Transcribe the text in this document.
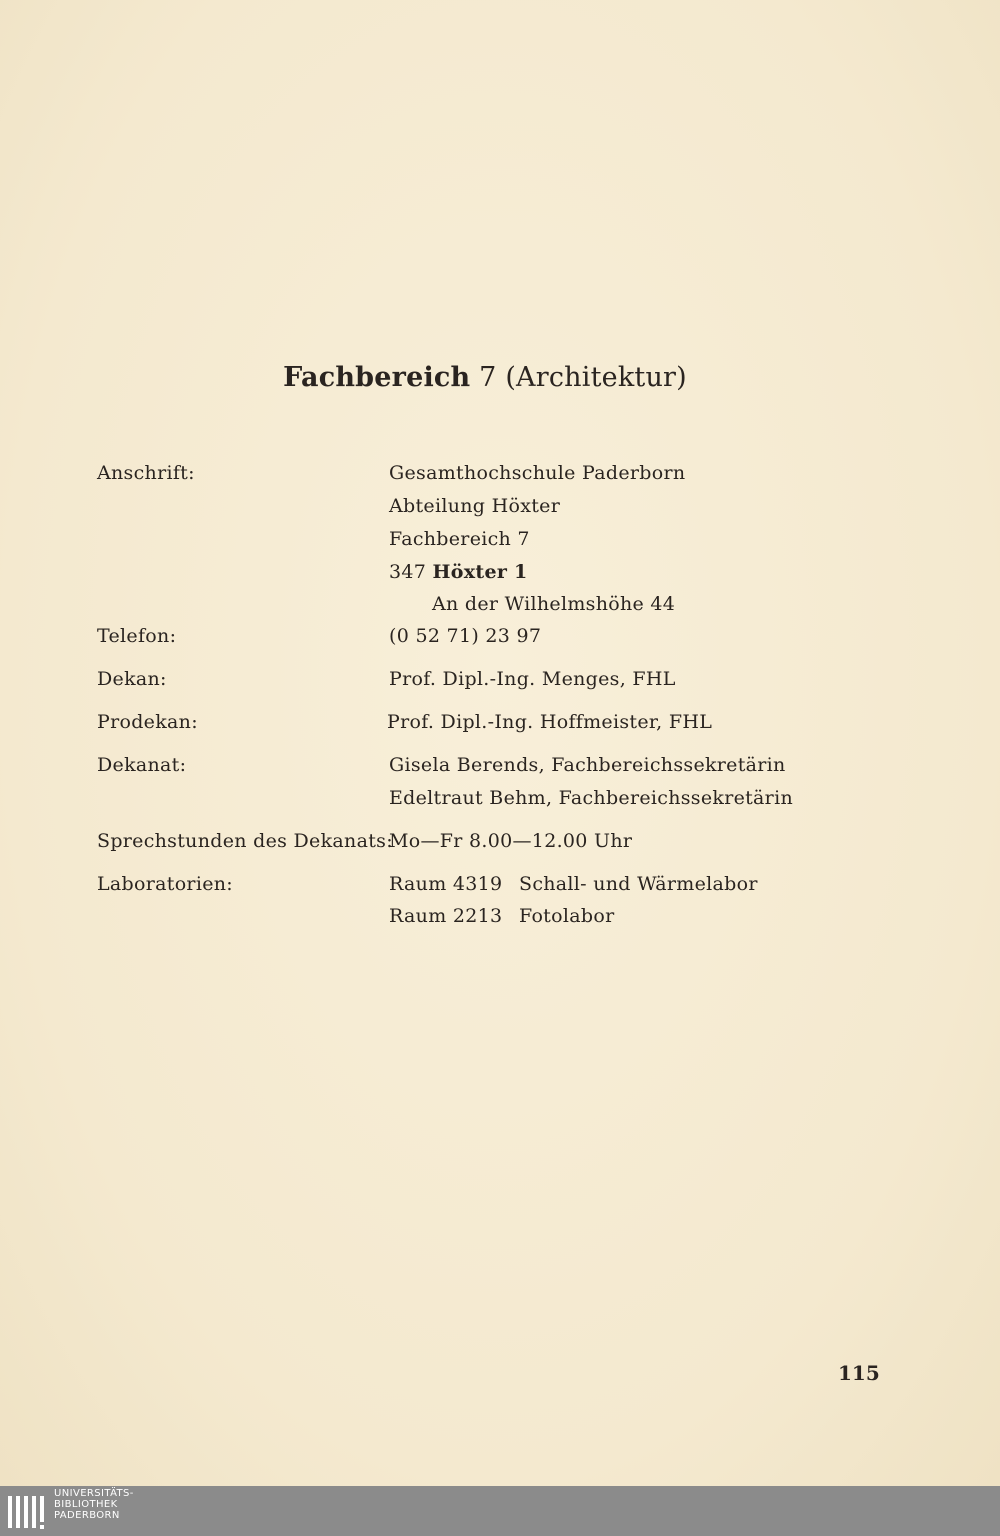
Fachbereich 7 (Architektur)
Anschrift:	Gesamthochschule Paderborn
Abteilung Höxter
Fachbereich 7
347 Höxter 1
An der Wilhelmshöhe 44
Telefon:	(0 52 71) 23 97
Dekan:	Prof. Dipl.-Ing. Menges, FHL
Prodekan:	Prof. Dipl.-Ing. Hoffmeister, FHL
Dekanat:	Gisela Berends, Fachbereichssekretärin
Edeltraut Behm, Fachbereichssekretärin
Sprechstunden des Dekanats:
Mo—Fr 8.00—12.00 Uhr
Laboratorien:	Raum 4319 Schall- und Wärmelabor
Raum 2213 Fotolabor
115
UNIVERSITÄTS-
BIBLIOTHEK
PADERBORN
